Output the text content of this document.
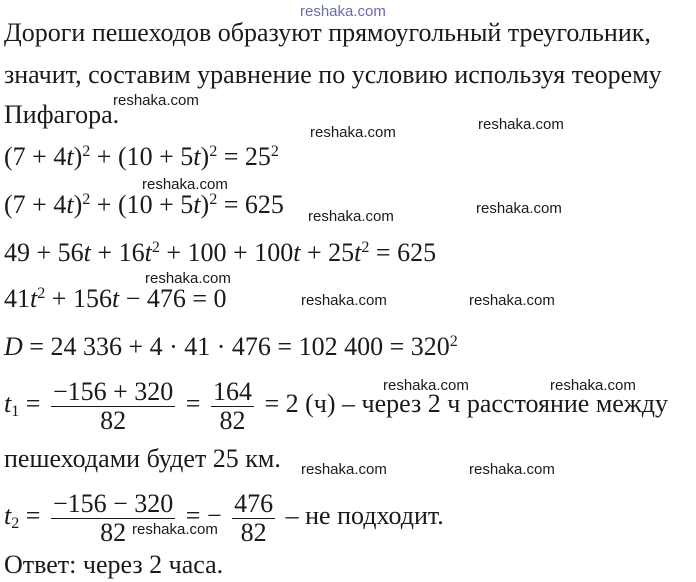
reshaka.com
Дороги пешеходов образуют прямоугольный треугольник,
значит, составим уравнение по условию используя теорему
Пифагора.
$(7 + 4t)^2 + (10 + 5t)^2 = 25^2$
$(7 + 4t)^2 + (10 + 5t)^2 = 625$
$49 + 56t + 16t^2 + 100 + 100t + 25t^2 = 625$
$41t^2 + 156t - 476 = 0$
D = 24 336 + 4 · 41 · 476 = 102 $400 = 320^2$
$t_1 = \frac{-156 + 320}{82} = \frac{164}{82} = 2$ (ч) – через 2 ч расстояние между
пешеходами будет 25 км.
$t_2 = \frac{-156 - 320}{82}$ = − $\frac{476}{82}$ – не подходит.
Ответ: через 2 часа.
reshaka.com
reshaka.com	reshaka.com
reshaka.com
reshaka.com	reshaka.com
reshaka.com
reshaka.com	reshaka.com
reshaka.com	reshaka.com
reshaka.com	reshaka.com
reshaka.com
